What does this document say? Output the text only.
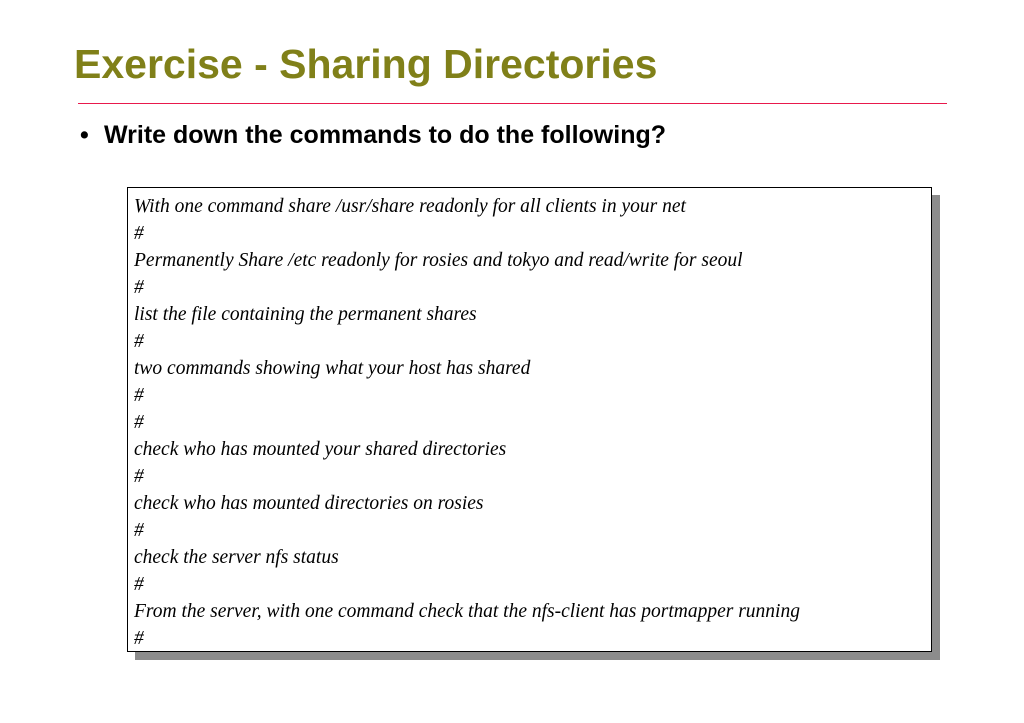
Exercise - Sharing Directories
• Write down the commands to do the following?
With one command share /usr/share readonly for all clients in your net
#
Permanently Share /etc readonly for rosies and tokyo and read/write for seoul
#
list the file containing the permanent shares
#
two commands showing what your host has shared
#
#
check who has mounted your shared directories
#
check who has mounted directories on rosies
#
check the server nfs status
#
From the server, with one command check that the nfs-client has portmapper running
#
